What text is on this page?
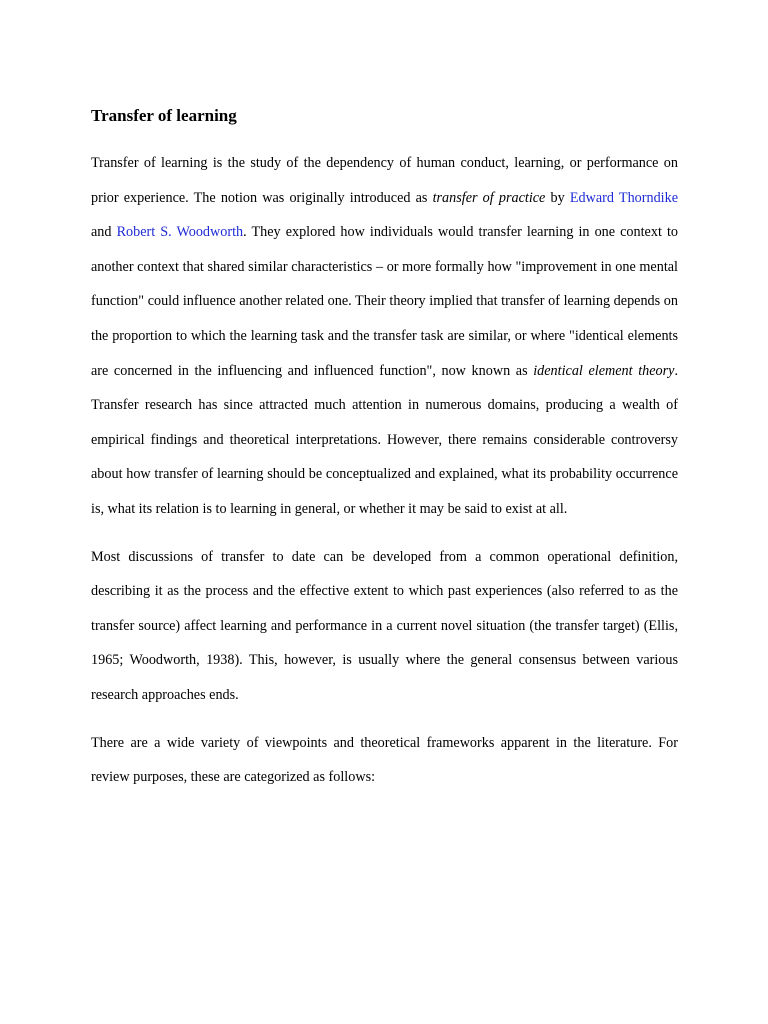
Transfer of learning

Transfer of learning is the study of the dependency of human conduct, learning, or performance on prior experience. The notion was originally introduced as transfer of practice by Edward Thorndike and Robert S. Woodworth. They explored how individuals would transfer learning in one context to another context that shared similar characteristics – or more formally how "improvement in one mental function" could influence another related one. Their theory implied that transfer of learning depends on the proportion to which the learning task and the transfer task are similar, or where "identical elements are concerned in the influencing and influenced function", now known as identical element theory. Transfer research has since attracted much attention in numerous domains, producing a wealth of empirical findings and theoretical interpretations. However, there remains considerable controversy about how transfer of learning should be conceptualized and explained, what its probability occurrence is, what its relation is to learning in general, or whether it may be said to exist at all.

Most discussions of transfer to date can be developed from a common operational definition, describing it as the process and the effective extent to which past experiences (also referred to as the transfer source) affect learning and performance in a current novel situation (the transfer target) (Ellis, 1965; Woodworth, 1938). This, however, is usually where the general consensus between various research approaches ends.

There are a wide variety of viewpoints and theoretical frameworks apparent in the literature. For review purposes, these are categorized as follows:
